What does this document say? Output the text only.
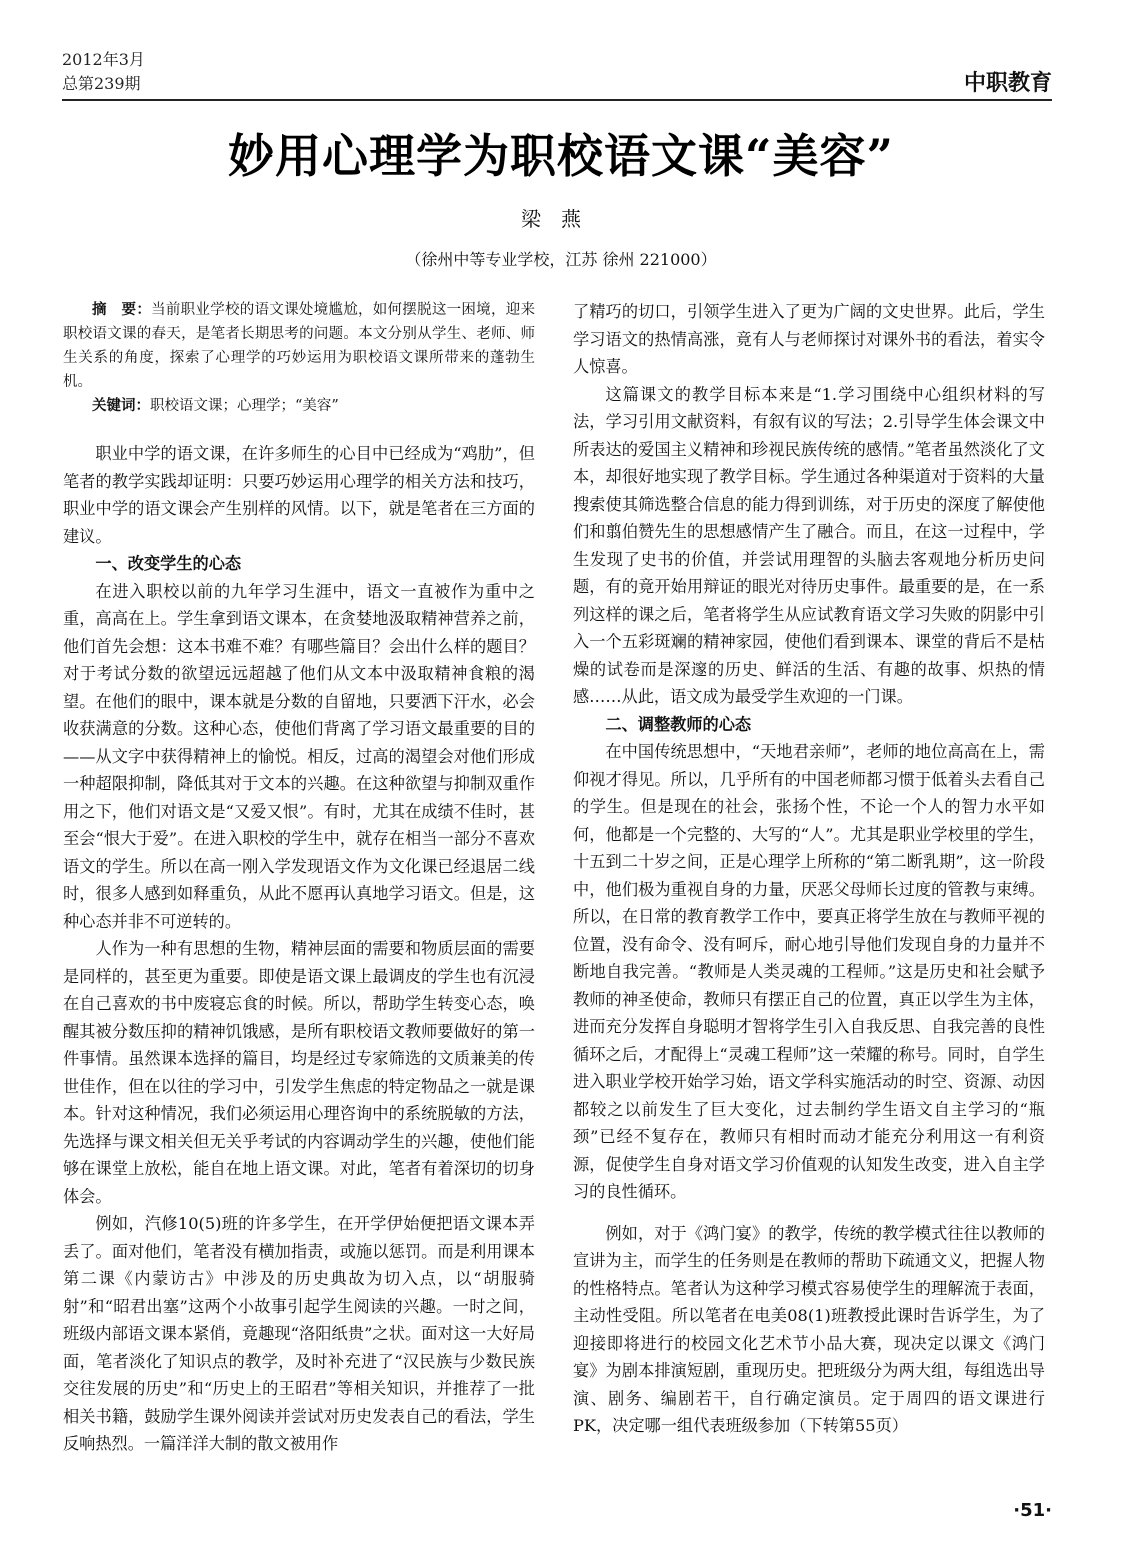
2012年3月
总第239期	中职教育
妙用心理学为职校语文课“美容”
梁燕
（徐州中等专业学校，江苏 徐州 221000）

摘　要：当前职业学校的语文课处境尴尬，如何摆脱这一困境，迎来职校语文课的春天，是笔者长期思考的问题。本文分别从学生、老师、师生关系的角度，探索了心理学的巧妙运用为职校语文课所带来的蓬勃生机。

关键词：职校语文课；心理学；“美容”

职业中学的语文课，在许多师生的心目中已经成为“鸡肋”，但笔者的教学实践却证明：只要巧妙运用心理学的相关方法和技巧，职业中学的语文课会产生别样的风情。以下，就是笔者在三方面的建议。

一、改变学生的心态

在进入职校以前的九年学习生涯中，语文一直被作为重中之重，高高在上。学生拿到语文课本，在贪婪地汲取精神营养之前，他们首先会想：这本书难不难？有哪些篇目？会出什么样的题目？对于考试分数的欲望远远超越了他们从文本中汲取精神食粮的渴望。在他们的眼中，课本就是分数的自留地，只要洒下汗水，必会收获满意的分数。这种心态，使他们背离了学习语文最重要的目的——从文字中获得精神上的愉悦。相反，过高的渴望会对他们形成一种超限抑制，降低其对于文本的兴趣。在这种欲望与抑制双重作用之下，他们对语文是“又爱又恨”。有时，尤其在成绩不佳时，甚至会“恨大于爱”。在进入职校的学生中，就存在相当一部分不喜欢语文的学生。所以在高一刚入学发现语文作为文化课已经退居二线时，很多人感到如释重负，从此不愿再认真地学习语文。但是，这种心态并非不可逆转的。

人作为一种有思想的生物，精神层面的需要和物质层面的需要是同样的，甚至更为重要。即使是语文课上最调皮的学生也有沉浸在自己喜欢的书中废寝忘食的时候。所以，帮助学生转变心态，唤醒其被分数压抑的精神饥饿感，是所有职校语文教师要做好的第一件事情。虽然课本选择的篇目，均是经过专家筛选的文质兼美的传世佳作，但在以往的学习中，引发学生焦虑的特定物品之一就是课本。针对这种情况，我们必须运用心理咨询中的系统脱敏的方法，先选择与课文相关但无关乎考试的内容调动学生的兴趣，使他们能够在课堂上放松，能自在地上语文课。对此，笔者有着深切的切身体会。

例如，汽修10(5)班的许多学生，在开学伊始便把语文课本弄丢了。面对他们，笔者没有横加指责，或施以惩罚。而是利用课本第二课《内蒙访古》中涉及的历史典故为切入点，以“胡服骑射”和“昭君出塞”这两个小故事引起学生阅读的兴趣。一时之间，班级内部语文课本紧俏，竟趣现“洛阳纸贵”之状。面对这一大好局面，笔者淡化了知识点的教学，及时补充进了“汉民族与少数民族交往发展的历史”和“历史上的王昭君”等相关知识，并推荐了一批相关书籍，鼓励学生课外阅读并尝试对历史发表自己的看法，学生反响热烈。一篇洋洋大制的散文被用作

了精巧的切口，引领学生进入了更为广阔的文史世界。此后，学生学习语文的热情高涨，竟有人与老师探讨对课外书的看法，着实令人惊喜。

这篇课文的教学目标本来是“1.学习围绕中心组织材料的写法，学习引用文献资料，有叙有议的写法；2.引导学生体会课文中所表达的爱国主义精神和珍视民族传统的感情。”笔者虽然淡化了文本，却很好地实现了教学目标。学生通过各种渠道对于资料的大量搜索使其筛选整合信息的能力得到训练，对于历史的深度了解使他们和翦伯赞先生的思想感情产生了融合。而且，在这一过程中，学生发现了史书的价值，并尝试用理智的头脑去客观地分析历史问题，有的竟开始用辩证的眼光对待历史事件。最重要的是，在一系列这样的课之后，笔者将学生从应试教育语文学习失败的阴影中引入一个五彩斑斓的精神家园，使他们看到课本、课堂的背后不是枯燥的试卷而是深邃的历史、鲜活的生活、有趣的故事、炽热的情感……从此，语文成为最受学生欢迎的一门课。

二、调整教师的心态

在中国传统思想中，“天地君亲师”，老师的地位高高在上，需仰视才得见。所以，几乎所有的中国老师都习惯于低着头去看自己的学生。但是现在的社会，张扬个性，不论一个人的智力水平如何，他都是一个完整的、大写的“人”。尤其是职业学校里的学生，十五到二十岁之间，正是心理学上所称的“第二断乳期”，这一阶段中，他们极为重视自身的力量，厌恶父母师长过度的管教与束缚。所以，在日常的教育教学工作中，要真正将学生放在与教师平视的位置，没有命令、没有呵斥，耐心地引导他们发现自身的力量并不断地自我完善。“教师是人类灵魂的工程师。”这是历史和社会赋予教师的神圣使命，教师只有摆正自己的位置，真正以学生为主体，进而充分发挥自身聪明才智将学生引入自我反思、自我完善的良性循环之后，才配得上“灵魂工程师”这一荣耀的称号。同时，自学生进入职业学校开始学习始，语文学科实施活动的时空、资源、动因都较之以前发生了巨大变化，过去制约学生语文自主学习的“瓶颈”已经不复存在，教师只有相时而动才能充分利用这一有利资源，促使学生自身对语文学习价值观的认知发生改变，进入自主学习的良性循环。

例如，对于《鸿门宴》的教学，传统的教学模式往往以教师的宣讲为主，而学生的任务则是在教师的帮助下疏通文义，把握人物的性格特点。笔者认为这种学习模式容易使学生的理解流于表面，主动性受阻。所以笔者在电美08(1)班教授此课时告诉学生，为了迎接即将进行的校园文化艺术节小品大赛，现决定以课文《鸿门宴》为剧本排演短剧，重现历史。把班级分为两大组，每组选出导演、剧务、编剧若干，自行确定演员。定于周四的语文课进行PK，决定哪一组代表班级参加（下转第55页）

·51·
